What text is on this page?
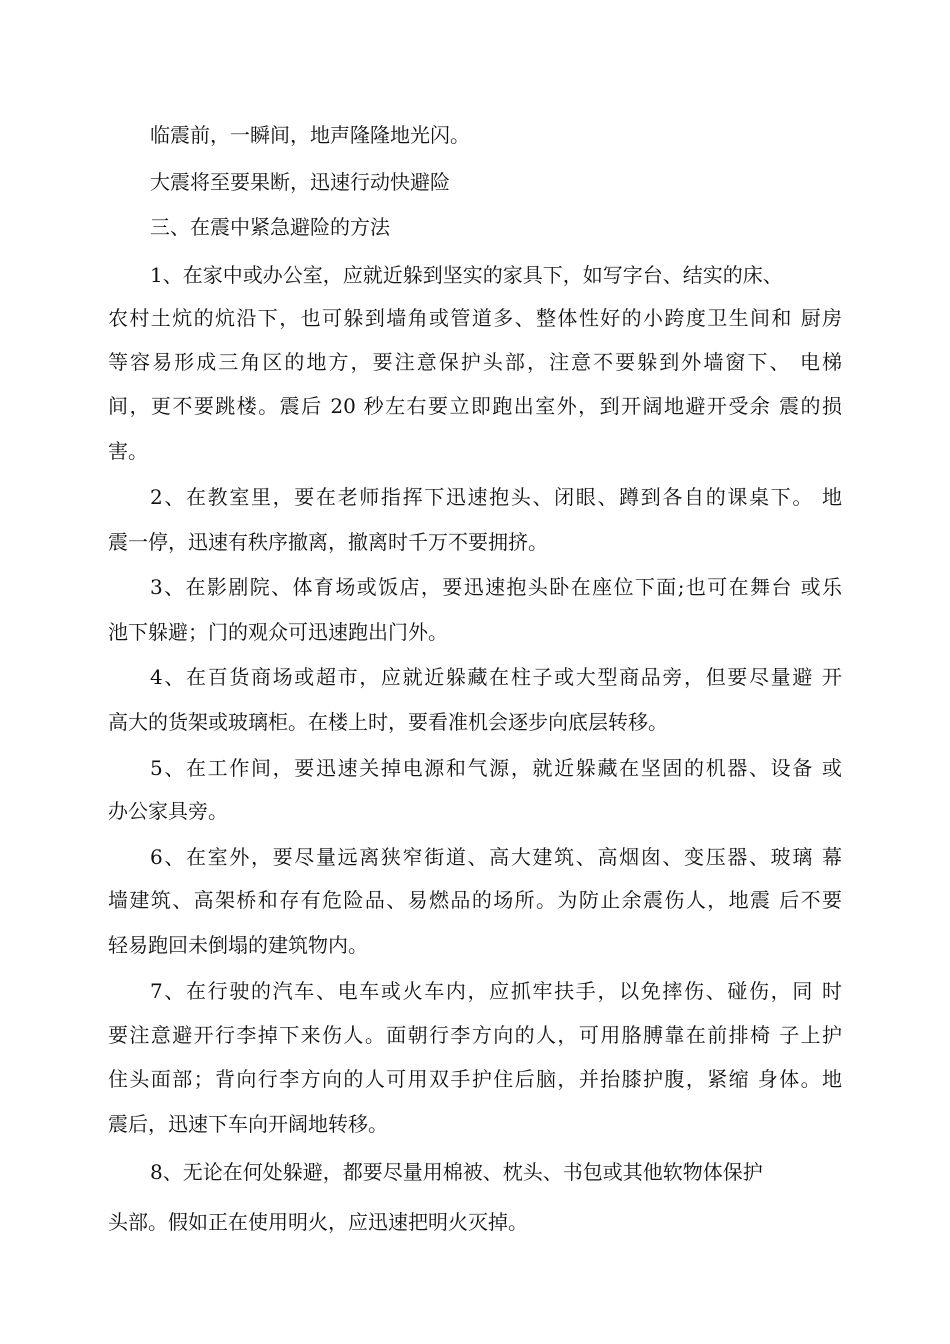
临震前，一瞬间，地声隆隆地光闪。
大震将至要果断，迅速行动快避险
三、在震中紧急避险的方法
1、在家中或办公室，应就近躲到坚实的家具下，如写字台、结实的床、
农村土炕的炕沿下，也可躲到墙角或管道多、整体性好的小跨度卫生间和 厨房
等容易形成三角区的地方，要注意保护头部，注意不要躲到外墙窗下、 电梯
间，更不要跳楼。震后 20 秒左右要立即跑出室外，到开阔地避开受余 震的损
害。
2、在教室里，要在老师指挥下迅速抱头、闭眼、蹲到各自的课桌下。 地
震一停，迅速有秩序撤离，撤离时千万不要拥挤。
3、在影剧院、体育场或饭店，要迅速抱头卧在座位下面;也可在舞台 或乐
池下躲避；门的观众可迅速跑出门外。
4、在百货商场或超市，应就近躲藏在柱子或大型商品旁，但要尽量避 开
高大的货架或玻璃柜。在楼上时，要看准机会逐步向底层转移。
5、在工作间，要迅速关掉电源和气源，就近躲藏在坚固的机器、设备 或
办公家具旁。
6、在室外，要尽量远离狭窄街道、高大建筑、高烟囱、变压器、玻璃 幕
墙建筑、高架桥和存有危险品、易燃品的场所。为防止余震伤人，地震 后不要
轻易跑回未倒塌的建筑物内。
7、在行驶的汽车、电车或火车内，应抓牢扶手，以免摔伤、碰伤，同 时
要注意避开行李掉下来伤人。面朝行李方向的人，可用胳膊靠在前排椅 子上护
住头面部；背向行李方向的人可用双手护住后脑，并抬膝护腹，紧缩 身体。地
震后，迅速下车向开阔地转移。
8、无论在何处躲避，都要尽量用棉被、枕头、书包或其他软物体保护
头部。假如正在使用明火，应迅速把明火灭掉。
